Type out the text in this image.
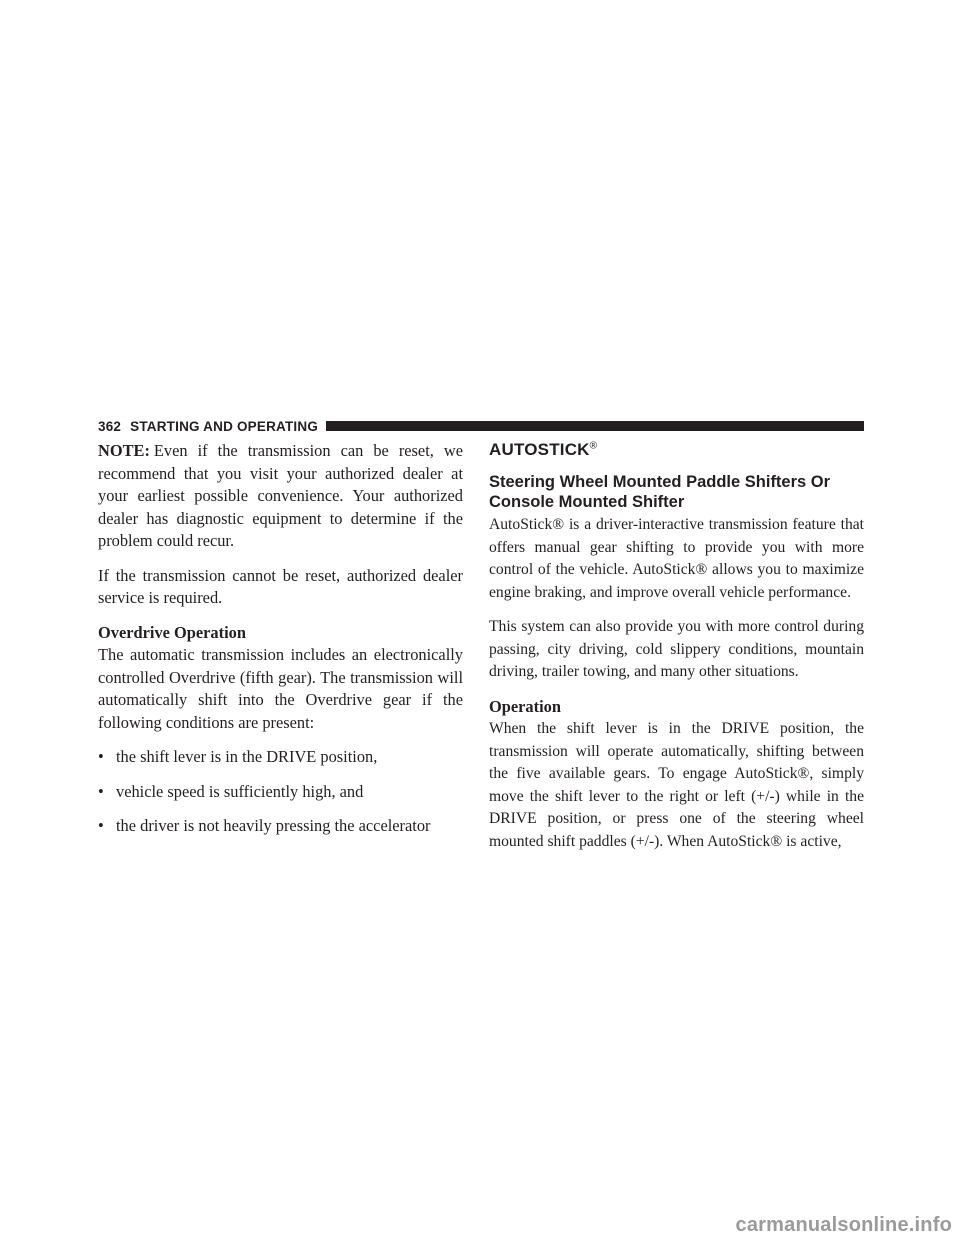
362 STARTING AND OPERATING

NOTE: Even if the transmission can be reset, we recommend that you visit your authorized dealer at your earliest possible convenience. Your authorized dealer has diagnostic equipment to determine if the problem could recur.

If the transmission cannot be reset, authorized dealer service is required.

Overdrive Operation

The automatic transmission includes an electronically controlled Overdrive (fifth gear). The transmission will automatically shift into the Overdrive gear if the following conditions are present:

• the shift lever is in the DRIVE position,
• vehicle speed is sufficiently high, and
• the driver is not heavily pressing the accelerator
AUTOSTICK®
Steering Wheel Mounted Paddle Shifters Or Console Mounted Shifter

AutoStick® is a driver-interactive transmission feature that offers manual gear shifting to provide you with more control of the vehicle. AutoStick® allows you to maximize engine braking, and improve overall vehicle performance.

This system can also provide you with more control during passing, city driving, cold slippery conditions, mountain driving, trailer towing, and many other situations.

Operation

When the shift lever is in the DRIVE position, the transmission will operate automatically, shifting between the five available gears. To engage AutoStick®, simply move the shift lever to the right or left (+/-) while in the DRIVE position, or press one of the steering wheel mounted shift paddles (+/-). When AutoStick® is active,

carmanualsonline.info
